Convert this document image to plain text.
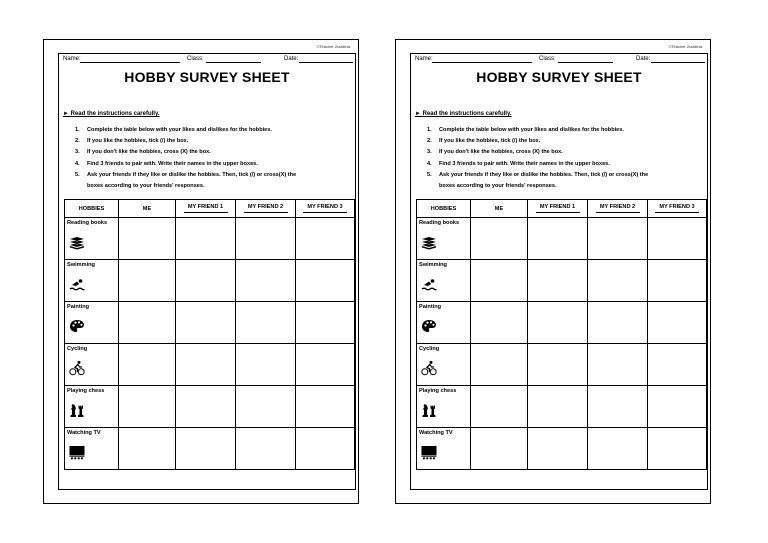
©Teacher Zulaikha
Name:	Class:	Date:
HOBBY SURVEY SHEET
► Read the instructions carefully.
1. Complete the table below with your likes and dislikes for the hobbies.
2. If you like the hobbies, tick (/) the box.
3. If you don't like the hobbies, cross (X) the box.
4. Find 3 friends to pair with. Write their names in the upper boxes.
5. Ask your friends if they like or dislike the hobbies. Then, tick (/) or cross(X) the
boxes according to your friends' responses.
HOBBIES	ME	MY FRIEND 1	MY FRIEND 2	MY FRIEND 3

Reading books				

Swimming				

Painting				

Cycling				

Playing chess				

Watching TV				

©Teacher Zulaikha
Name:	Class:	Date:
HOBBY SURVEY SHEET
► Read the instructions carefully.
1. Complete the table below with your likes and dislikes for the hobbies.
2. If you like the hobbies, tick (/) the box.
3. If you don't like the hobbies, cross (X) the box.
4. Find 3 friends to pair with. Write their names in the upper boxes.
5. Ask your friends if they like or dislike the hobbies. Then, tick (/) or cross(X) the
boxes according to your friends' responses.
HOBBIES	ME	MY FRIEND 1	MY FRIEND 2	MY FRIEND 3

Reading books				

Swimming				

Painting				

Cycling				

Playing chess				

Watching TV				
